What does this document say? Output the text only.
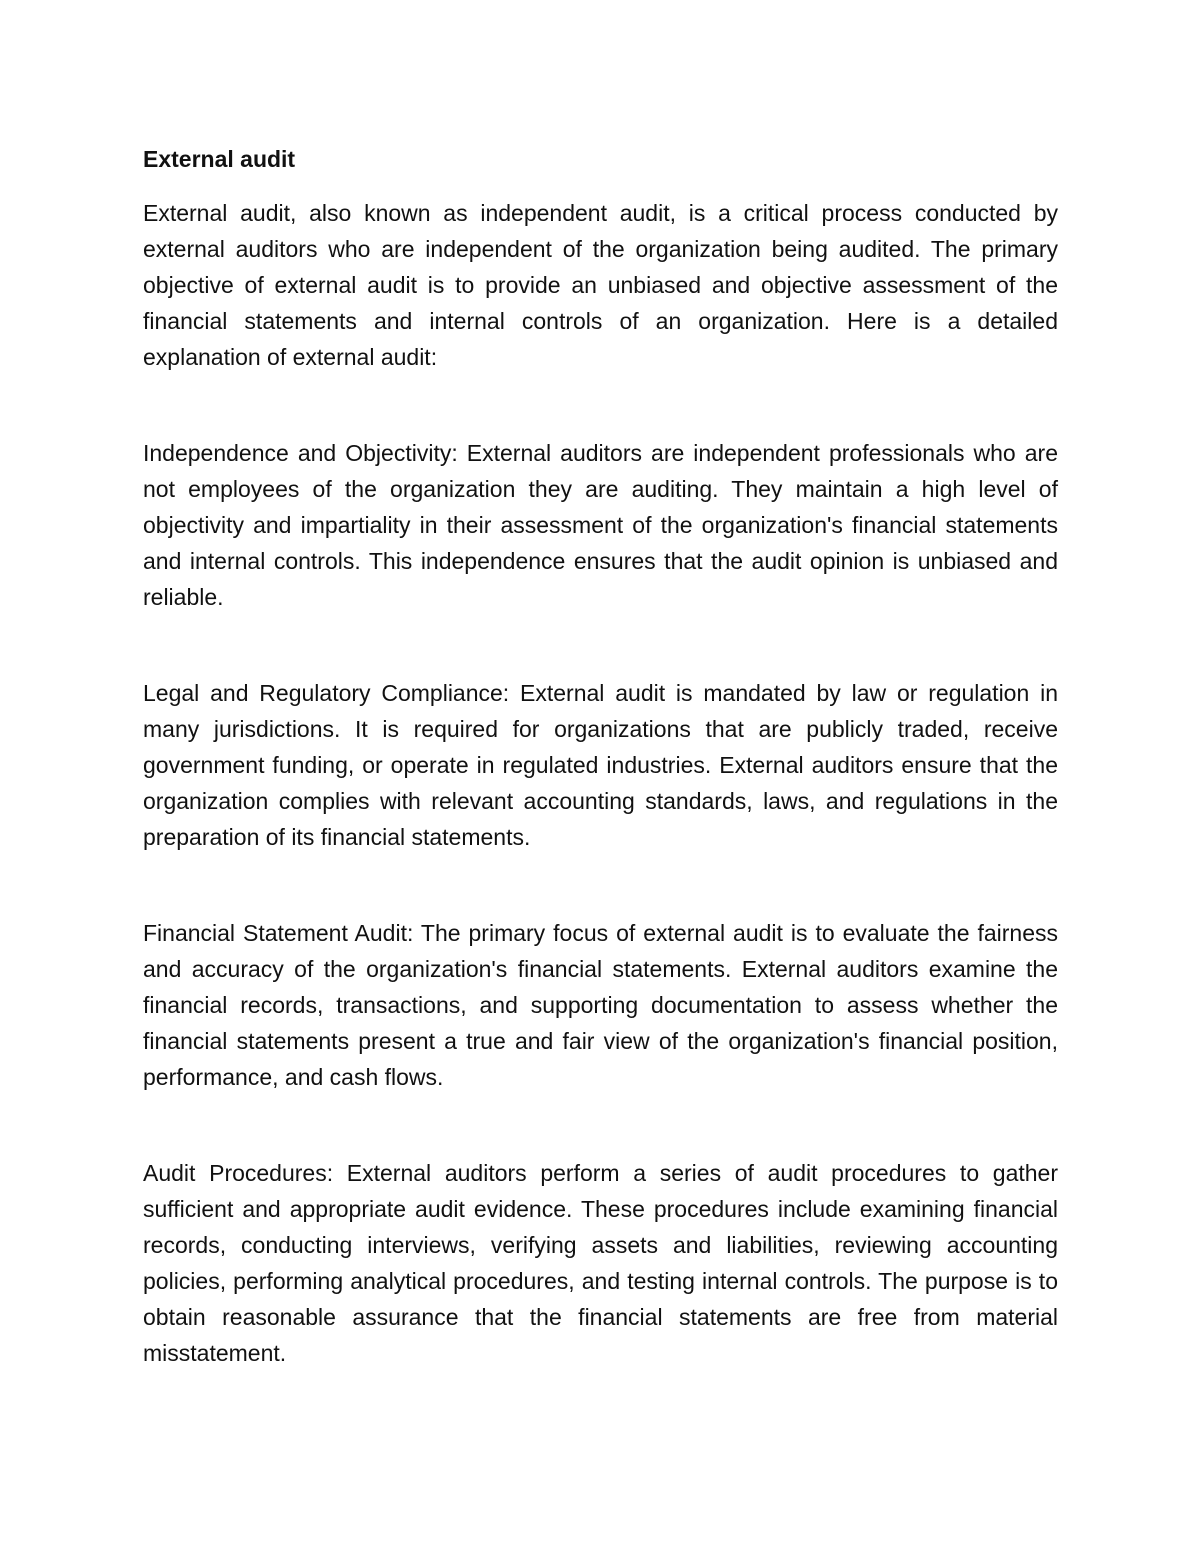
External audit

External audit, also known as independent audit, is a critical process conducted by external auditors who are independent of the organization being audited. The primary objective of external audit is to provide an unbiased and objective assessment of the financial statements and internal controls of an organization. Here is a detailed explanation of external audit:

Independence and Objectivity: External auditors are independent professionals who are not employees of the organization they are auditing. They maintain a high level of objectivity and impartiality in their assessment of the organization's financial statements and internal controls. This independence ensures that the audit opinion is unbiased and reliable.

Legal and Regulatory Compliance: External audit is mandated by law or regulation in many jurisdictions. It is required for organizations that are publicly traded, receive government funding, or operate in regulated industries. External auditors ensure that the organization complies with relevant accounting standards, laws, and regulations in the preparation of its financial statements.

Financial Statement Audit: The primary focus of external audit is to evaluate the fairness and accuracy of the organization's financial statements. External auditors examine the financial records, transactions, and supporting documentation to assess whether the financial statements present a true and fair view of the organization's financial position, performance, and cash flows.

Audit Procedures: External auditors perform a series of audit procedures to gather sufficient and appropriate audit evidence. These procedures include examining financial records, conducting interviews, verifying assets and liabilities, reviewing accounting policies, performing analytical procedures, and testing internal controls. The purpose is to obtain reasonable assurance that the financial statements are free from material misstatement.
